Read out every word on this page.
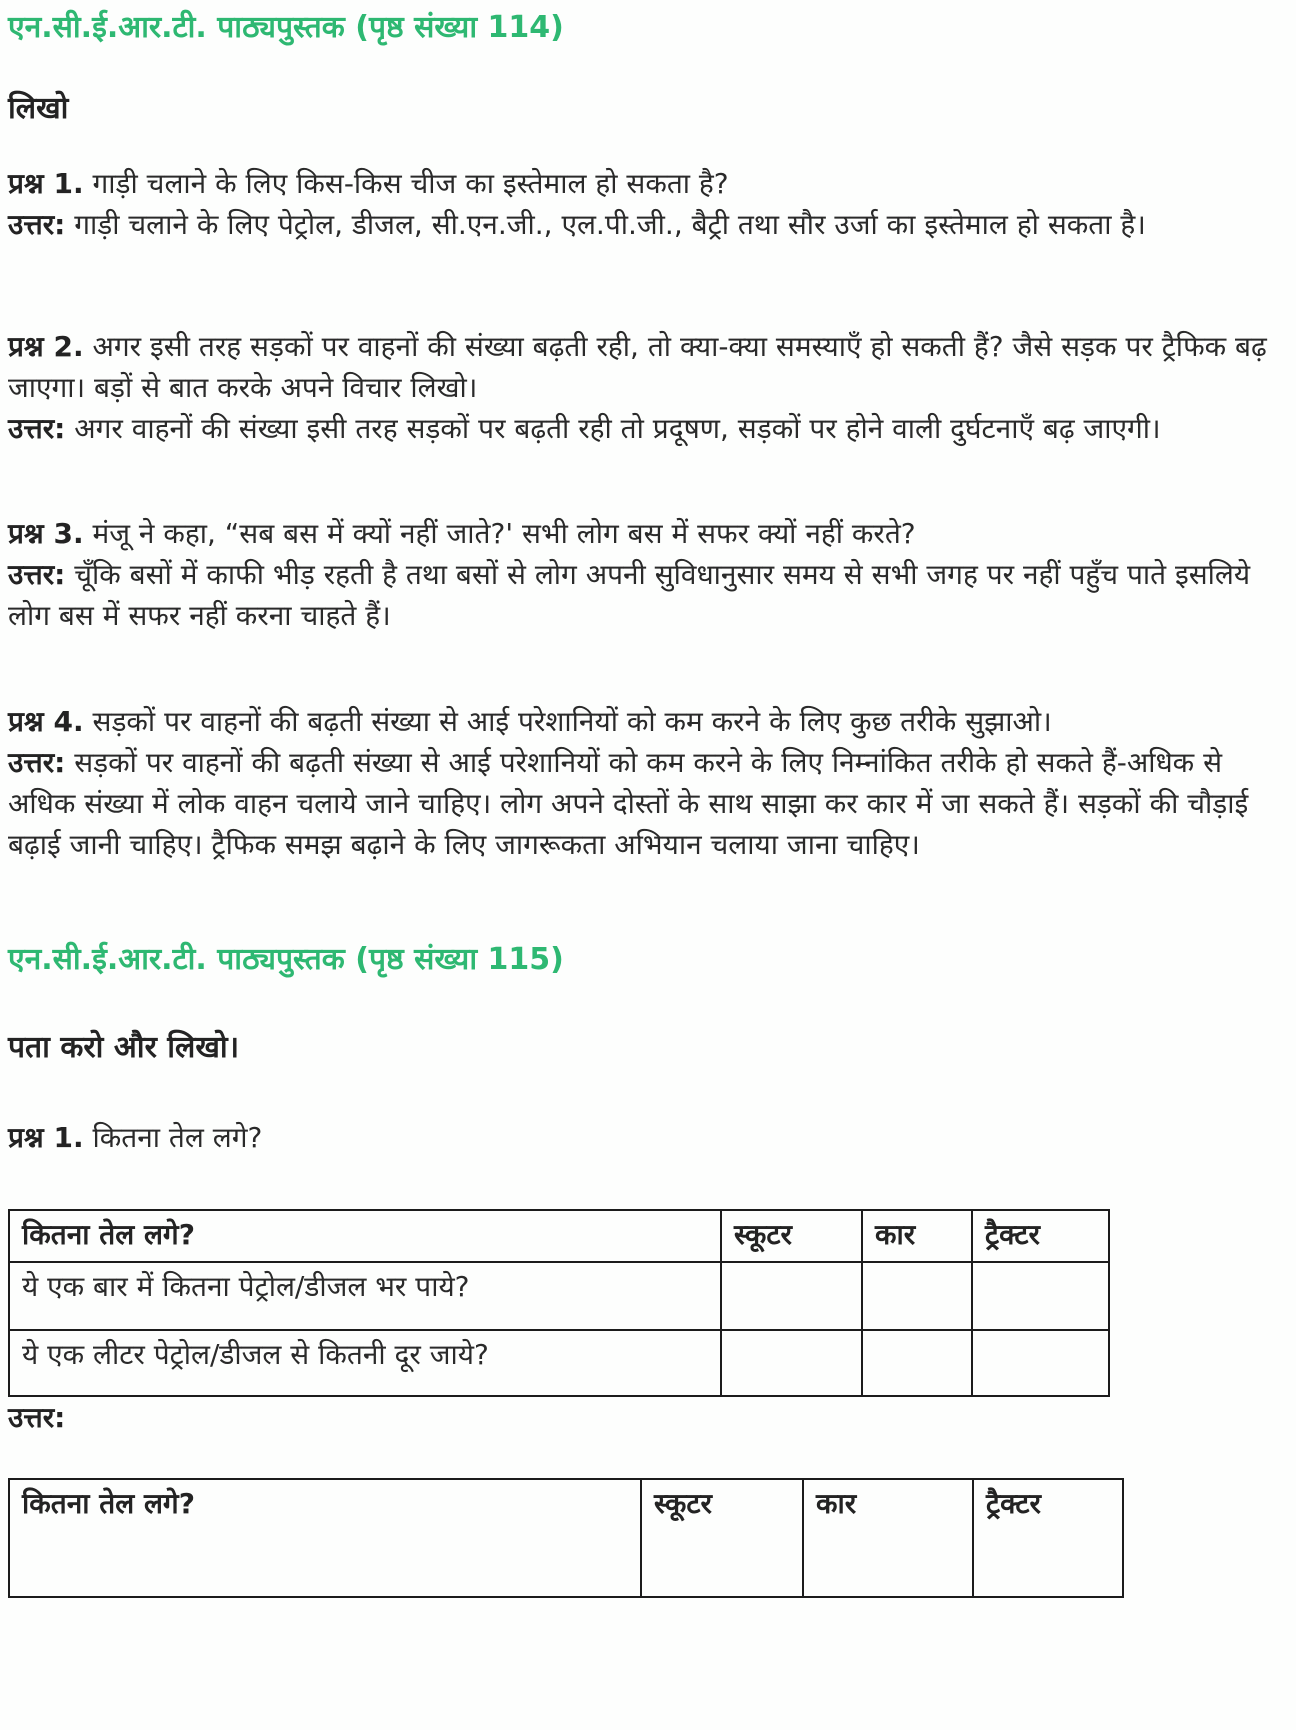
एन.सी.ई.आर.टी. पाठ्यपुस्तक (पृष्ठ संख्या 114)
लिखो

प्रश्न 1. गाड़ी चलाने के लिए किस-किस चीज का इस्तेमाल हो सकता है?

उत्तर: गाड़ी चलाने के लिए पेट्रोल, डीजल, सी.एन.जी., एल.पी.जी., बैट्री तथा सौर उर्जा का इस्तेमाल हो सकता है।

प्रश्न 2. अगर इसी तरह सड़कों पर वाहनों की संख्या बढ़ती रही, तो क्या-क्या समस्याएँ हो सकती हैं? जैसे सड़क पर ट्रैफिक बढ़ जाएगा। बड़ों से बात करके अपने विचार लिखो।

उत्तर: अगर वाहनों की संख्या इसी तरह सड़कों पर बढ़ती रही तो प्रदूषण, सड़कों पर होने वाली दुर्घटनाएँ बढ़ जाएगी।

प्रश्न 3. मंजू ने कहा, “सब बस में क्यों नहीं जाते?' सभी लोग बस में सफर क्यों नहीं करते?

उत्तर: चूँकि बसों में काफी भीड़ रहती है तथा बसों से लोग अपनी सुविधानुसार समय से सभी जगह पर नहीं पहुँच पाते इसलिये लोग बस में सफर नहीं करना चाहते हैं।

प्रश्न 4. सड़कों पर वाहनों की बढ़ती संख्या से आई परेशानियों को कम करने के लिए कुछ तरीके सुझाओ।

उत्तर: सड़कों पर वाहनों की बढ़ती संख्या से आई परेशानियों को कम करने के लिए निम्नांकित तरीके हो सकते हैं-अधिक से अधिक संख्या में लोक वाहन चलाये जाने चाहिए। लोग अपने दोस्तों के साथ साझा कर कार में जा सकते हैं। सड़कों की चौड़ाई बढ़ाई जानी चाहिए। ट्रैफिक समझ बढ़ाने के लिए जागरूकता अभियान चलाया जाना चाहिए।

एन.सी.ई.आर.टी. पाठ्यपुस्तक (पृष्ठ संख्या 115)
पता करो और लिखो।

प्रश्न 1. कितना तेल लगे?

कितना तेल लगे?	स्कूटर	कार	ट्रैक्टर
ये एक बार में कितना पेट्रोल/डीजल भर पाये?			
ये एक लीटर पेट्रोल/डीजल से कितनी दूर जाये?			

उत्तर:

कितना तेल लगे?	स्कूटर	कार	ट्रैक्टर
